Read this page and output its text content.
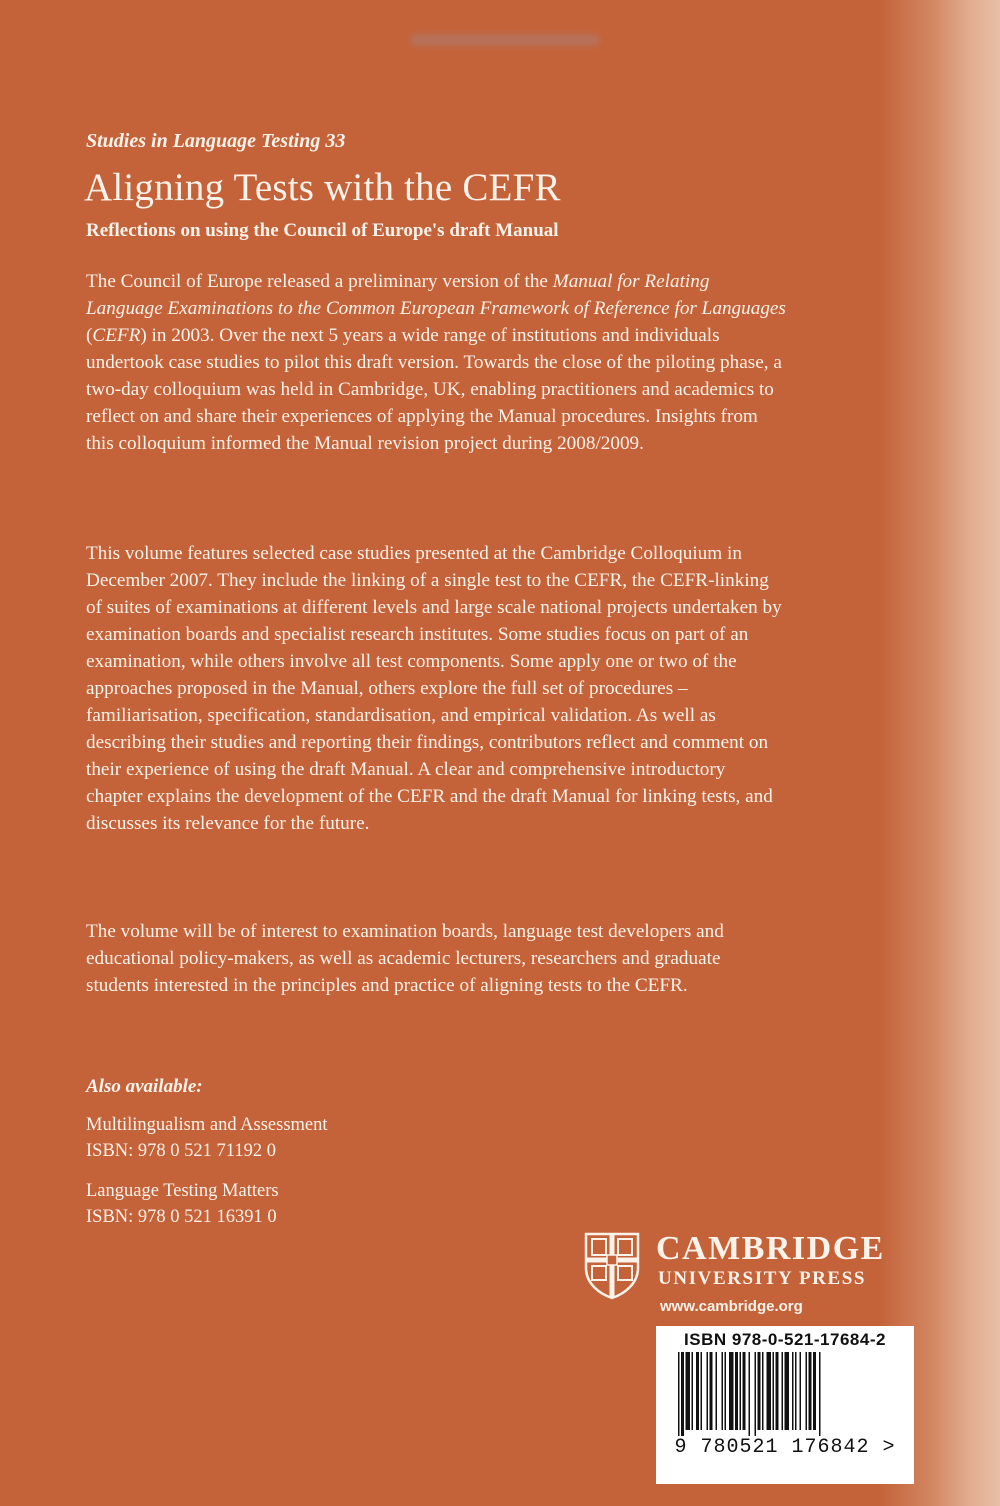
Studies in Language Testing 33
Aligning Tests with the CEFR
Reflections on using the Council of Europe's draft Manual

The Council of Europe released a preliminary version of the Manual for Relating Language Examinations to the Common European Framework of Reference for Languages (CEFR) in 2003. Over the next 5 years a wide range of institutions and individuals undertook case studies to pilot this draft version. Towards the close of the piloting phase, a two-day colloquium was held in Cambridge, UK, enabling practitioners and academics to reflect on and share their experiences of applying the Manual procedures. Insights from this colloquium informed the Manual revision project during 2008/2009.

This volume features selected case studies presented at the Cambridge Colloquium in December 2007. They include the linking of a single test to the CEFR, the CEFR-linking of suites of examinations at different levels and large scale national projects undertaken by examination boards and specialist research institutes. Some studies focus on part of an examination, while others involve all test components. Some apply one or two of the approaches proposed in the Manual, others explore the full set of procedures – familiarisation, specification, standardisation, and empirical validation. As well as describing their studies and reporting their findings, contributors reflect and comment on their experience of using the draft Manual. A clear and comprehensive introductory chapter explains the development of the CEFR and the draft Manual for linking tests, and discusses its relevance for the future.

The volume will be of interest to examination boards, language test developers and educational policy-makers, as well as academic lecturers, researchers and graduate students interested in the principles and practice of aligning tests to the CEFR.

Also available:
Multilingualism and Assessment
ISBN: 978 0 521 71192 0
Language Testing Matters
ISBN: 978 0 521 16391 0
CAMBRIDGE
UNIVERSITY PRESS
www.cambridge.org
ISBN 978-0-521-17684-2
9 780521 176842 >
